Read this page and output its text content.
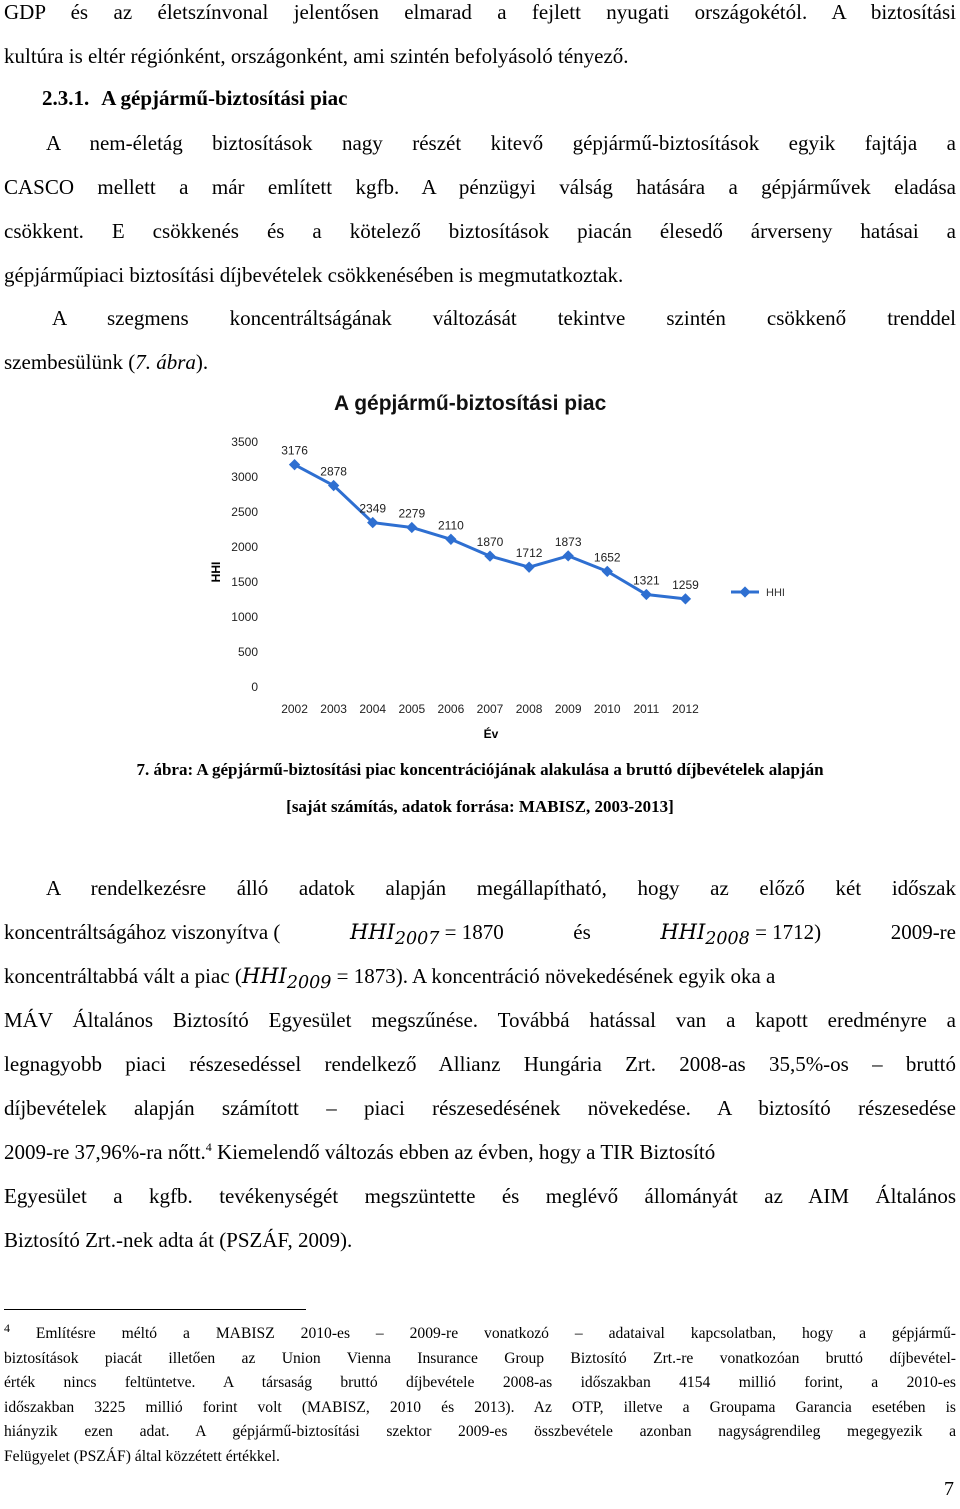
GDP és az életszínvonal jelentősen elmarad a fejlett nyugati országokétól. A biztosítási
kultúra is eltér régiónként, országonként, ami szintén befolyásoló tényező.
2.3.1. A gépjármű-biztosítási piac
A nem-életág biztosítások nagy részét kitevő gépjármű-biztosítások egyik fajtája a
CASCO mellett a már említett kgfb. A pénzügyi válság hatására a gépjárművek eladása
csökkent. E csökkenés és a kötelező biztosítások piacán élesedő árverseny hatásai a
gépjárműpiaci biztosítási díjbevételek csökkenésében is megmutatkoztak.
A szegmens koncentráltságának változását tekintve szintén csökkenő trenddel
szembesülünk (7. ábra).
A gépjármű-biztosítási piac
0
500
1000
1500
2000
2500
3000
3500
2002 2003 2004 2005 2006 2007 2008 2009 2010 2011 2012
HHI
Év
3176
2878
2349 2279
2110
1870
1712
1873
1652
1321 1259
HHI
7. ábra: A gépjármű-biztosítási piac koncentrációjának alakulása a bruttó díjbevételek alapján
[saját számítás, adatok forrása: MABISZ, 2003-2013]
A rendelkezésre álló adatok alapján megállapítható, hogy az előző két időszak
koncentráltságához viszonyítva (	$HHI_{2007} = 1870$	és	$HHI_{2008} = 1712$)	2009-re
koncentráltabbá vált a piac $(HHI_{2009} = 1873)$. A koncentráció növekedésének egyik oka a
MÁV Általános Biztosító Egyesület megszűnése. Továbbá hatással van a kapott eredményre a
legnagyobb piaci részesedéssel rendelkező Allianz Hungária Zrt. 2008-as 35,5%-os – bruttó
díjbevételek alapján számított – piaci részesedésének növekedése. A biztosító részesedése
2009-re 37,96%-ra nőtt.$^4$ Kiemelendő változás ebben az évben, hogy a TIR Biztosító
Egyesület a kgfb. tevékenységét megszüntette és meglévő állományát az AIM Általános
Biztosító Zrt.-nek adta át (PSZÁF, 2009).
$^4$ Említésre méltó a MABISZ 2010-es – 2009-re vonatkozó – adataival kapcsolatban, hogy a gépjármű-
biztosítások piacát illetően az Union Vienna Insurance Group Biztosító Zrt.-re vonatkozóan bruttó díjbevétel-
érték nincs feltüntetve. A társaság bruttó díjbevétele 2008-as időszakban 4154 millió forint, a 2010-es
időszakban 3225 millió forint volt (MABISZ, 2010 és 2013). Az OTP, illetve a Groupama Garancia esetében is
hiányzik ezen adat. A gépjármű-biztosítási szektor 2009-es összbevétele azonban nagyságrendileg megegyezik a
Felügyelet (PSZÁF) által közzétett értékkel.
7
